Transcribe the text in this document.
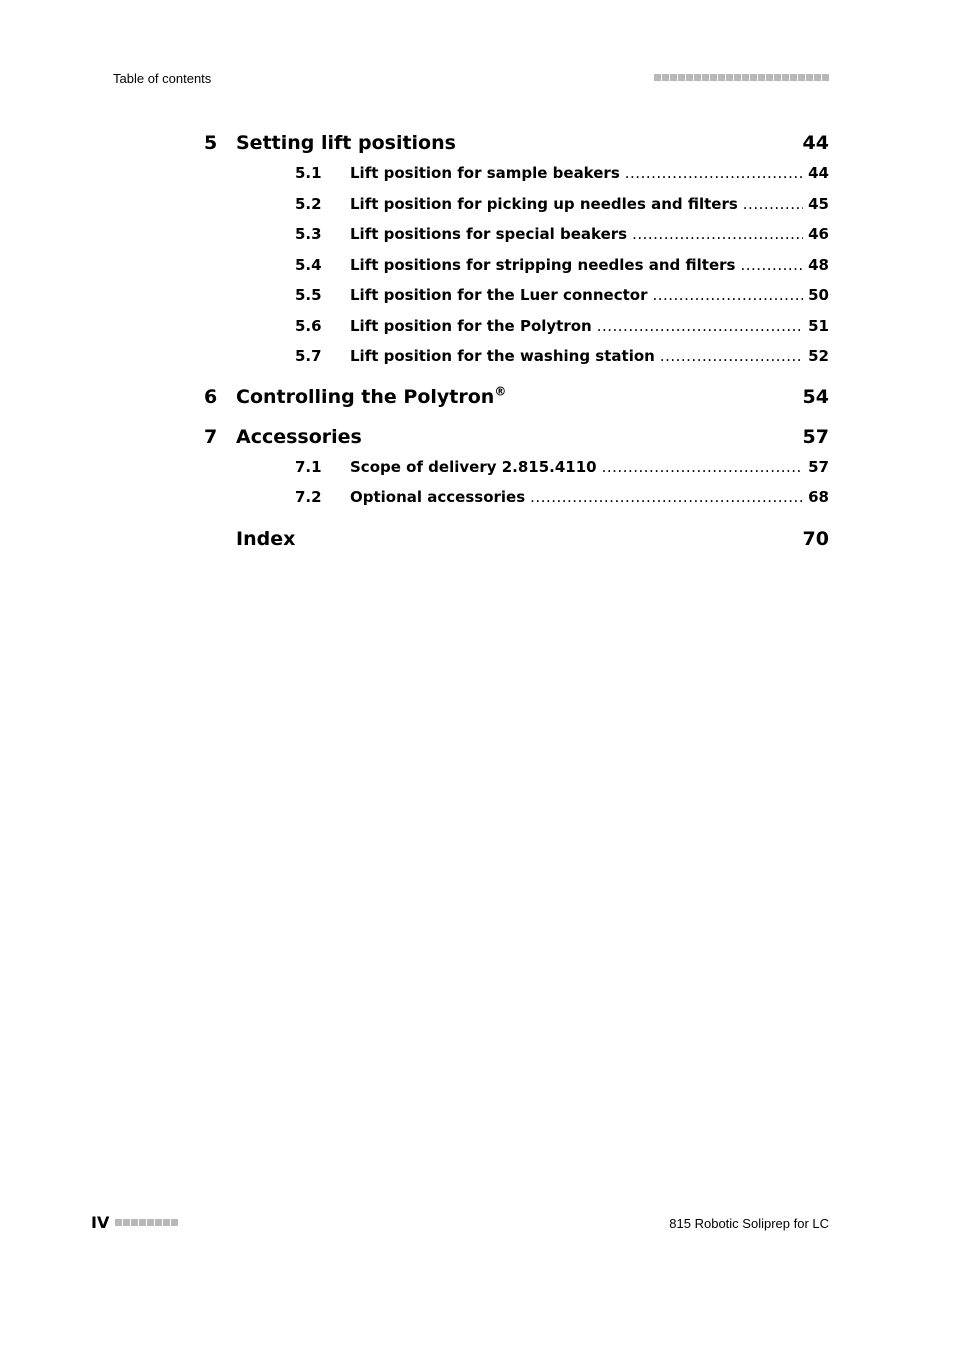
Table of contents
5 Setting lift positions	44
5.1	Lift position for sample beakers .....	44
5.2	Lift position for picking up needles and filters .....	45
5.3	Lift positions for special beakers .....	46
5.4	Lift positions for stripping needles and filters .....	48
5.5	Lift position for the Luer connector .....	50
5.6	Lift position for the Polytron .....	51
5.7	Lift position for the washing station .....	52
6 Controlling the Polytron®	54
7 Accessories	57
7.1	Scope of delivery 2.815.4110 .....	57
7.2	Optional accessories .....	68
Index	70
IV	815 Robotic Soliprep for LC
